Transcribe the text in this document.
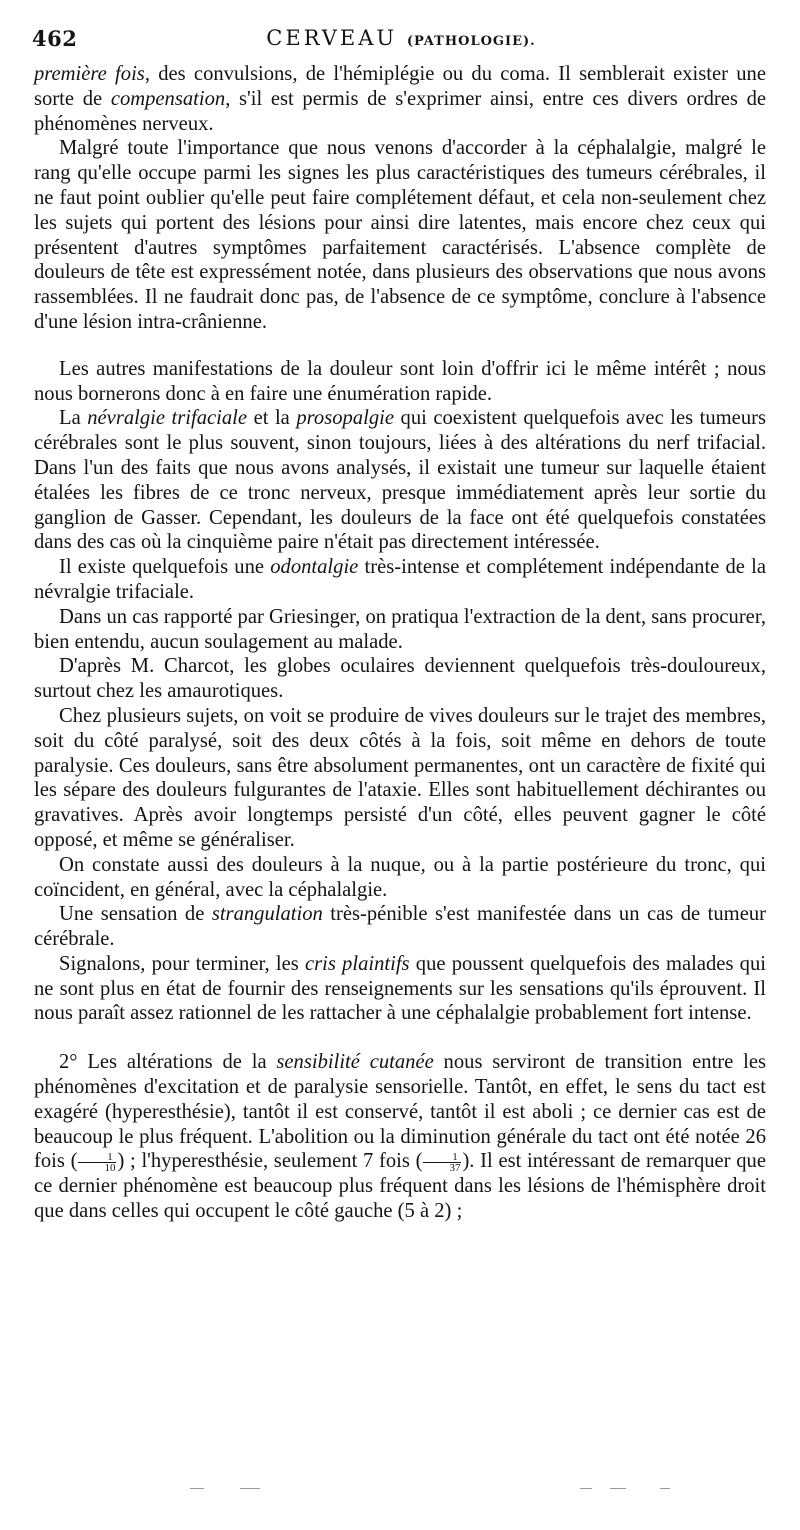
462	CERVEAU (PATHOLOGIE).

première fois, des convulsions, de l'hémiplégie ou du coma. Il semblerait exister une sorte de compensation, s'il est permis de s'exprimer ainsi, entre ces divers ordres de phénomènes nerveux.

Malgré toute l'importance que nous venons d'accorder à la céphalalgie, malgré le rang qu'elle occupe parmi les signes les plus caractéristiques des tumeurs cérébrales, il ne faut point oublier qu'elle peut faire complétement défaut, et cela non-seulement chez les sujets qui portent des lésions pour ainsi dire latentes, mais encore chez ceux qui présentent d'autres symptômes parfaitement caractérisés. L'absence complète de douleurs de tête est expressément notée, dans plusieurs des observations que nous avons rassemblées. Il ne faudrait donc pas, de l'absence de ce symptôme, conclure à l'absence d'une lésion intra-crânienne.

Les autres manifestations de la douleur sont loin d'offrir ici le même intérêt ; nous nous bornerons donc à en faire une énumération rapide.

La névralgie trifaciale et la prosopalgie qui coexistent quelquefois avec les tumeurs cérébrales sont le plus souvent, sinon toujours, liées à des altérations du nerf trifacial. Dans l'un des faits que nous avons analysés, il existait une tumeur sur laquelle étaient étalées les fibres de ce tronc nerveux, presque immédiatement après leur sortie du ganglion de Gasser. Cependant, les douleurs de la face ont été quelquefois constatées dans des cas où la cinquième paire n'était pas directement intéressée.

Il existe quelquefois une odontalgie très-intense et complétement indépendante de la névralgie trifaciale.

Dans un cas rapporté par Griesinger, on pratiqua l'extraction de la dent, sans procurer, bien entendu, aucun soulagement au malade.

D'après M. Charcot, les globes oculaires deviennent quelquefois très-douloureux, surtout chez les amaurotiques.

Chez plusieurs sujets, on voit se produire de vives douleurs sur le trajet des membres, soit du côté paralysé, soit des deux côtés à la fois, soit même en dehors de toute paralysie. Ces douleurs, sans être absolument permanentes, ont un caractère de fixité qui les sépare des douleurs fulgurantes de l'ataxie. Elles sont habituellement déchirantes ou gravatives. Après avoir longtemps persisté d'un côté, elles peuvent gagner le côté opposé, et même se généraliser.

On constate aussi des douleurs à la nuque, ou à la partie postérieure du tronc, qui coïncident, en général, avec la céphalalgie.

Une sensation de strangulation très-pénible s'est manifestée dans un cas de tumeur cérébrale.

Signalons, pour terminer, les cris plaintifs que poussent quelquefois des malades qui ne sont plus en état de fournir des renseignements sur les sensations qu'ils éprouvent. Il nous paraît assez rationnel de les rattacher à une céphalalgie probablement fort intense.

2° Les altérations de la sensibilité cutanée nous serviront de transition entre les phénomènes d'excitation et de paralysie sensorielle. Tantôt, en effet, le sens du tact est exagéré (hyperesthésie), tantôt il est conservé, tantôt il est aboli ; ce dernier cas est de beaucoup le plus fréquent. L'abolition ou la diminution générale du tact ont été notée 26 fois ( $\frac{1}{10}$ ) ; l'hyperesthésie, seulement 7 fois ( $\frac{1}{37}$ ). Il est intéressant de remarquer que ce dernier phénomène est beaucoup plus fréquent dans les lésions de l'hémisphère droit que dans celles qui occupent le côté gauche (5 à 2) ;
